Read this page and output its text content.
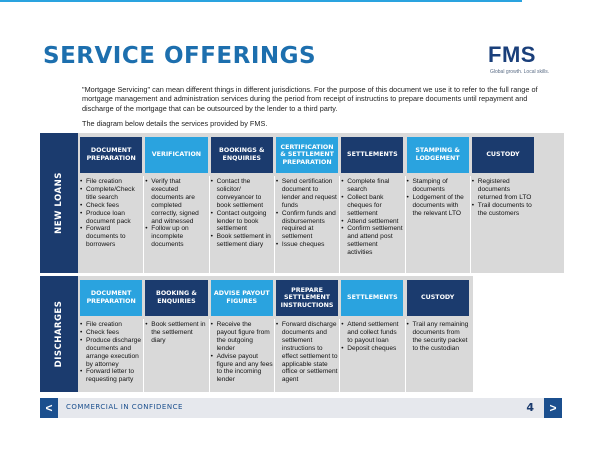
SERVICE OFFERINGS	FMS
Global growth. Local skills.
"Mortgage Servicing" can mean different things in different jurisdictions. For the purpose of this document we use it to refer to the full range of mortgage management and administration services during the period from receipt of instructins to prepare documents until repayment and discharge of the mortgage that can be outsourced by the lender to a third party.
The diagram below details the services provided by FMS.
NEW LOANS
DOCUMENT PREPARATION
• File creation
• Complete/Check title search
• Check fees
• Produce loan document pack
• Forward documents to borrowers
VERIFICATION
• Verify that executed documents are completed correctly, signed and witnessed
• Follow up on incomplete documents
BOOKINGS & ENQUIRIES
• Contact the solicitor/ conveyancer to book settlement
• Contact outgoing lender to book settlement
• Book settlement in settlement diary
CERTIFICATION & SETTLEMENT PREPARATION
• Send certification document to lender and request funds
• Confirm funds and disbursements required at settlement
• Issue cheques
SETTLEMENTS
• Complete final search
• Collect bank cheques for settlement
• Attend settlement
• Confirm settlement and attend post settlement activities
STAMPING & LODGEMENT
• Stamping of documents
• Lodgement of the documents with the relevant LTO
CUSTODY
• Registered documents returned from LTO
• Trail documents to the customers
DISCHARGES
DOCUMENT PREPARATION
• File creation
• Check fees
• Produce discharge documents and arrange execution by attorney
• Forward letter to requesting party
BOOKING & ENQUIRIES
• Book settlement in the settlement diary
ADVISE PAYOUT FIGURES
• Receive the payout figure from the outgoing lender
• Advise payout figure and any fees to the incoming lender
PREPARE SETTLEMENT INSTRUCTIONS
• Forward discharge documents and settlement instructions to effect settlement to applicable state office or settlement agent
SETTLEMENTS
• Attend settlement and collect funds to payout loan
• Deposit cheques
CUSTODY
• Trail any remaining documents from the security packet to the custodian
<	COMMERCIAL IN CONFIDENCE	4	>
